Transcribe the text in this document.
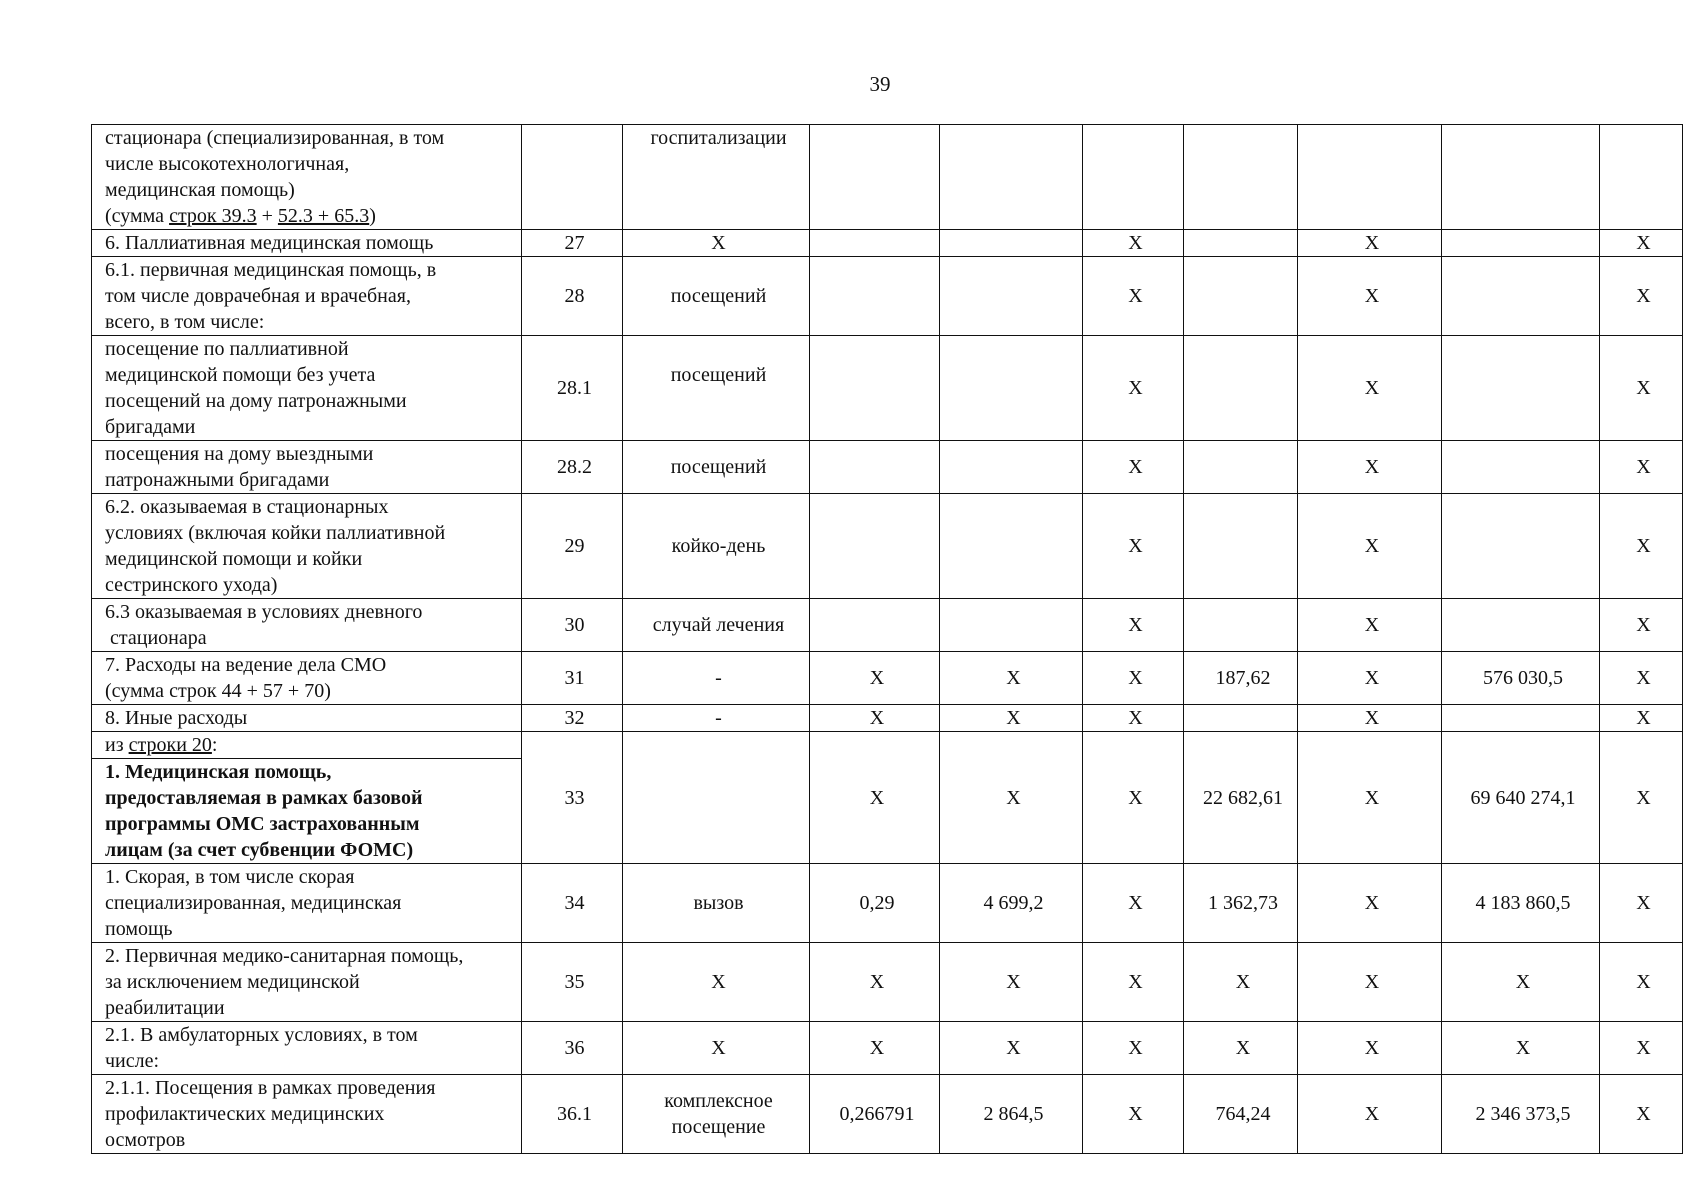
39
стационара (специализированная, в том
числе высокотехнологичная,
медицинская помощь)
(сумма строк 39.3 + 52.3 + 65.3)		госпитализации							
6. Паллиативная медицинская помощь	27	X			X		X		X
6.1. первичная медицинская помощь, в
том числе доврачебная и врачебная,
всего, в том числе:	28	посещений			X		X		X
посещение по паллиативной
медицинской помощи без учета
посещений на дому патронажными
бригадами	28.1	посещений			X		X		X
посещения на дому выездными
патронажными бригадами	28.2	посещений			X		X		X
6.2. оказываемая в стационарных
условиях (включая койки паллиативной
медицинской помощи и койки
сестринского ухода)	29	койко-день			X		X		X
6.3 оказываемая в условиях дневного
стационара	30	случай лечения			X		X		X
7. Расходы на ведение дела СМО
(сумма строк 44 + 57 + 70)	31	-	X	X	X	187,62	X	576 030,5	X
8. Иные расходы	32	-	X	X	X		X		X
из строки 20:	33		X	X	X	22 682,61	X	69 640 274,1	X
1. Медицинская помощь,
предоставляемая в рамках базовой
программы ОМС застрахованным
лицам (за счет субвенции ФОМС)									
1. Скорая, в том числе скорая
специализированная, медицинская
помощь	34	вызов	0,29	4 699,2	X	1 362,73	X	4 183 860,5	X
2. Первичная медико-санитарная помощь,
за исключением медицинской
реабилитации	35	X	X	X	X	X	X	X	X
2.1. В амбулаторных условиях, в том
числе:	36	X	X	X	X	X	X	X	X
2.1.1. Посещения в рамках проведения
профилактических медицинских
осмотров	36.1	комплексное
посещение	0,266791	2 864,5	X	764,24	X	2 346 373,5	X
